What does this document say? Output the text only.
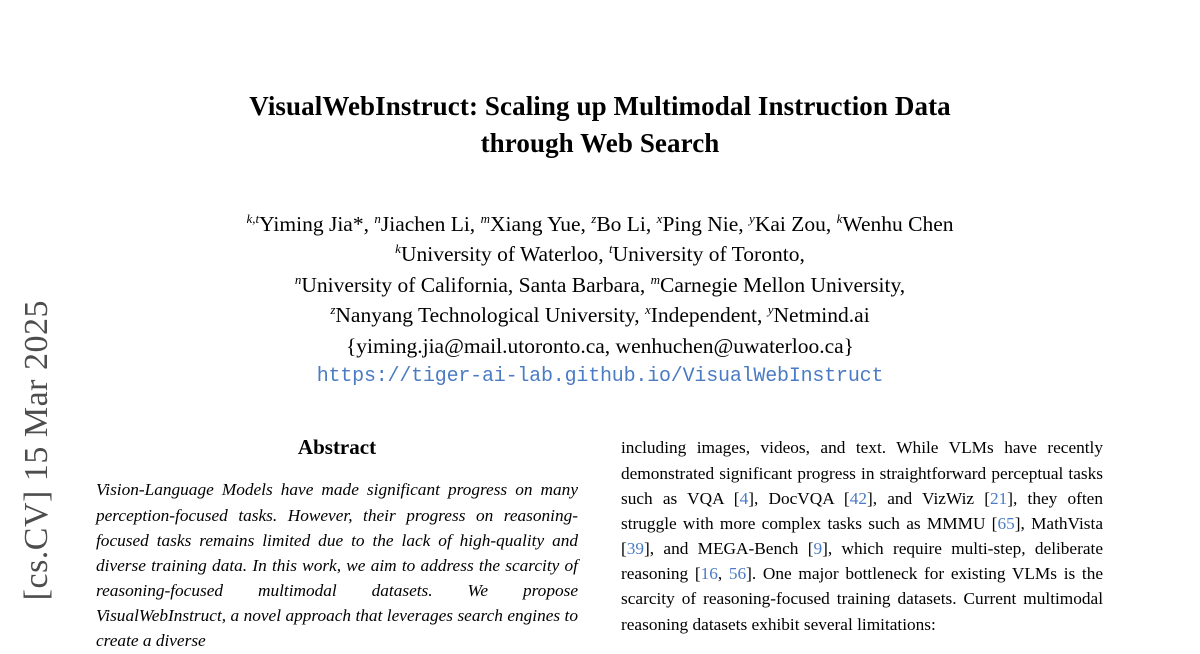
[cs.CV] 15 Mar 2025
VisualWebInstruct: Scaling up Multimodal Instruction Data
through Web Search
$^{k,t}$Yiming Jia*, $^n$Jiachen Li, $^m$Xiang Yue, $^z$Bo Li, $^x$Ping Nie, $^y$Kai Zou, $^k$Wenhu Chen
$^k$University of Waterloo, $^t$University of Toronto,
$^n$University of California, Santa Barbara, $^m$Carnegie Mellon University,
$^z$Nanyang Technological University, $^x$Independent, $^y$Netmind.ai
{yiming.jia@mail.utoronto.ca, wenhuchen@uwaterloo.ca}
https://tiger-ai-lab.github.io/VisualWebInstruct
Abstract

Vision-Language Models have made significant progress on many perception-focused tasks. However, their progress on reasoning-focused tasks remains limited due to the lack of high-quality and diverse training data. In this work, we aim to address the scarcity of reasoning-focused multimodal datasets. We propose VisualWebInstruct, a novel approach that leverages search engines to create a diverse

including images, videos, and text. While VLMs have recently demonstrated significant progress in straightforward perceptual tasks such as VQA [4], DocVQA [42], and VizWiz [21], they often struggle with more complex tasks such as MMMU [65], MathVista [39], and MEGA-Bench [9], which require multi-step, deliberate reasoning [16, 56]. One major bottleneck for existing VLMs is the scarcity of reasoning-focused training datasets. Current multimodal reasoning datasets exhibit several limitations:
